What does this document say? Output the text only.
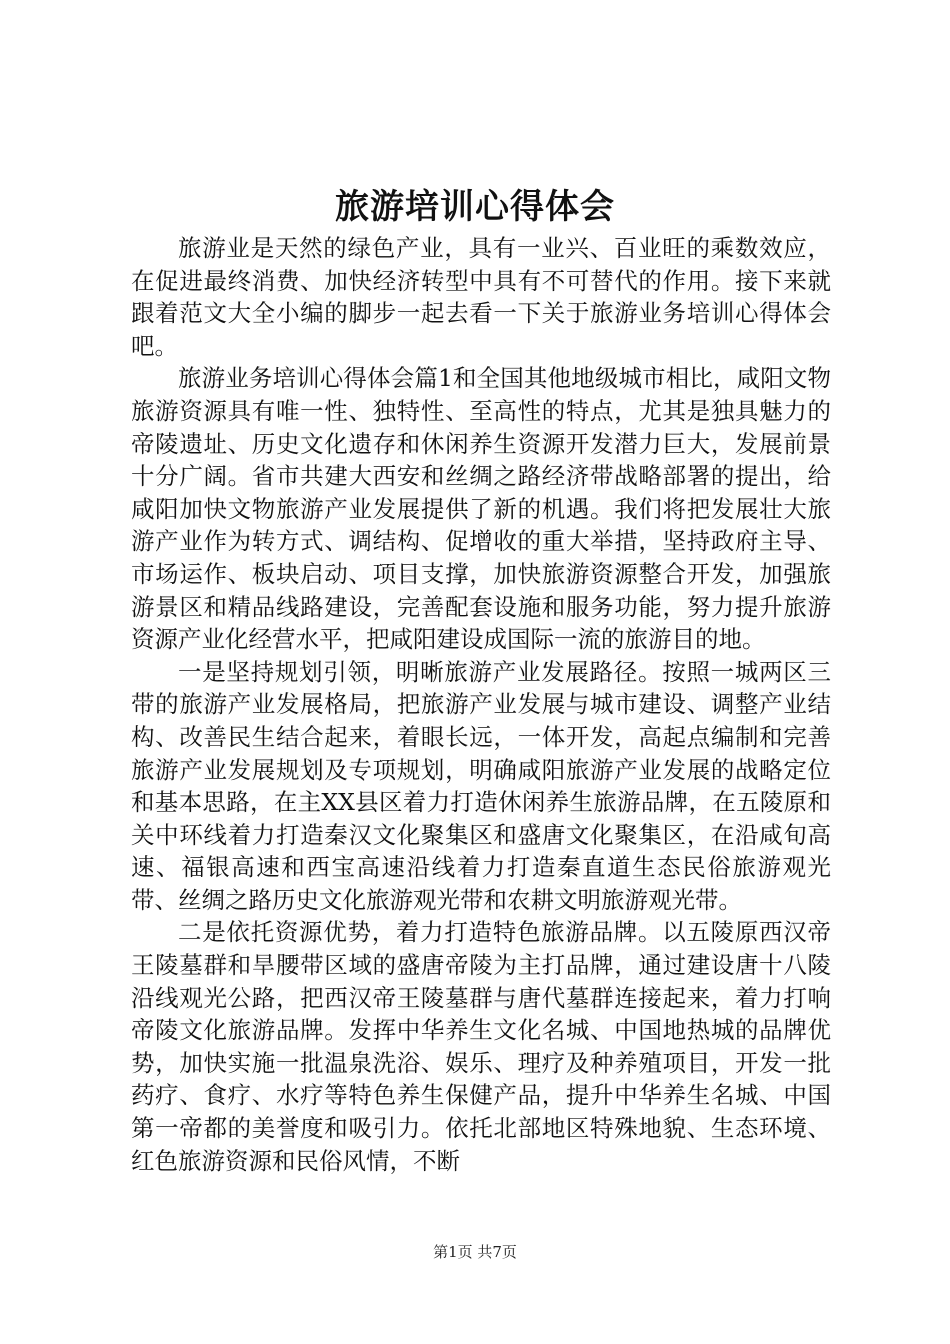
旅游培训心得体会

旅游业是天然的绿色产业，具有一业兴、百业旺的乘数效应，在促进最终消费、加快经济转型中具有不可替代的作用。接下来就跟着范文大全小编的脚步一起去看一下关于旅游业务培训心得体会吧。

旅游业务培训心得体会篇1和全国其他地级城市相比，咸阳文物旅游资源具有唯一性、独特性、至高性的特点，尤其是独具魅力的帝陵遗址、历史文化遗存和休闲养生资源开发潜力巨大，发展前景十分广阔。省市共建大西安和丝绸之路经济带战略部署的提出，给咸阳加快文物旅游产业发展提供了新的机遇。我们将把发展壮大旅游产业作为转方式、调结构、促增收的重大举措，坚持政府主导、市场运作、板块启动、项目支撑，加快旅游资源整合开发，加强旅游景区和精品线路建设，完善配套设施和服务功能，努力提升旅游资源产业化经营水平，把咸阳建设成国际一流的旅游目的地。

一是坚持规划引领，明晰旅游产业发展路径。按照一城两区三带的旅游产业发展格局，把旅游产业发展与城市建设、调整产业结构、改善民生结合起来，着眼长远，一体开发，高起点编制和完善旅游产业发展规划及专项规划，明确咸阳旅游产业发展的战略定位和基本思路，在主XX县区着力打造休闲养生旅游品牌，在五陵原和关中环线着力打造秦汉文化聚集区和盛唐文化聚集区，在沿咸旬高速、福银高速和西宝高速沿线着力打造秦直道生态民俗旅游观光带、丝绸之路历史文化旅游观光带和农耕文明旅游观光带。

二是依托资源优势，着力打造特色旅游品牌。以五陵原西汉帝王陵墓群和旱腰带区域的盛唐帝陵为主打品牌，通过建设唐十八陵沿线观光公路，把西汉帝王陵墓群与唐代墓群连接起来，着力打响帝陵文化旅游品牌。发挥中华养生文化名城、中国地热城的品牌优势，加快实施一批温泉洗浴、娱乐、理疗及种养殖项目，开发一批药疗、食疗、水疗等特色养生保健产品，提升中华养生名城、中国第一帝都的美誉度和吸引力。依托北部地区特殊地貌、生态环境、红色旅游资源和民俗风情，不断

第1页 共7页
